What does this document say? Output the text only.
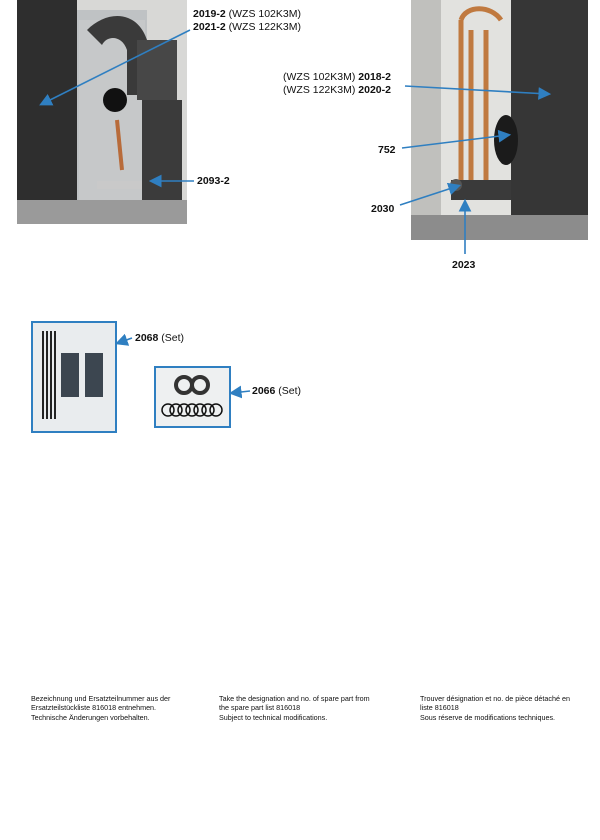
2019-2 (WZS 102K3M)
2021-2 (WZS 122K3M)
2093-2
(WZS 102K3M) 2018-2
(WZS 122K3M) 2020-2
752
2030
2023
2068 (Set)
2066 (Set)
Bezeichnung und Ersatzteilnummer aus der
Ersatzteilstückliste 816018 entnehmen.
Technische Änderungen vorbehalten.
Take the designation and no. of spare part from
the spare part list 816018
Subject to technical modifications.
Trouver désignation et no. de pièce détaché en
liste 816018
Sous réserve de modifications techniques.
